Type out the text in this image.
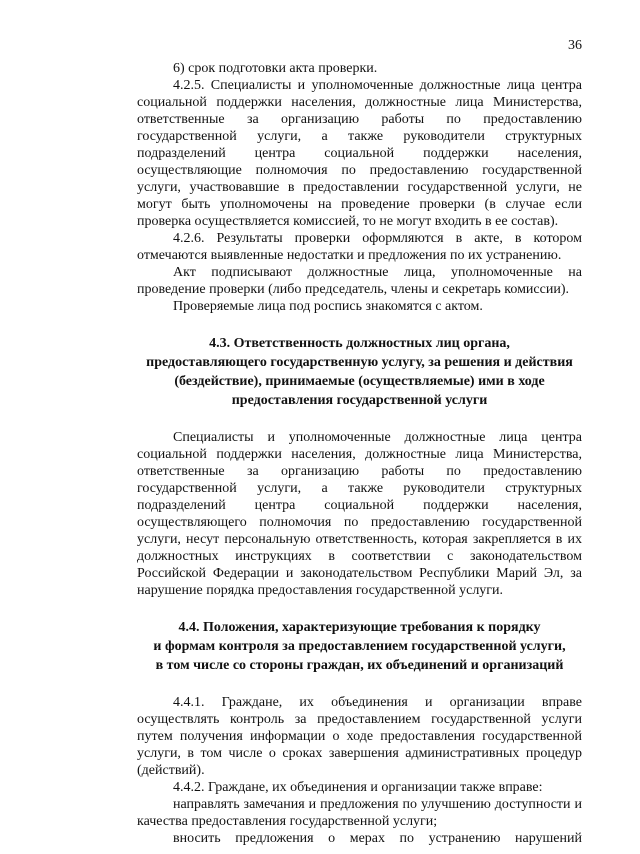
36

6) срок подготовки акта проверки.

4.2.5. Специалисты и уполномоченные должностные лица центра социальной поддержки населения, должностные лица Министерства, ответственные за организацию работы по предоставлению государственной услуги, а также руководители структурных подразделений центра социальной поддержки населения, осуществляющие полномочия по предоставлению государственной услуги, участвовавшие в предоставлении государственной услуги, не могут быть уполномочены на проведение проверки (в случае если проверка осуществляется комиссией, то не могут входить в ее состав).

4.2.6. Результаты проверки оформляются в акте, в котором отмечаются выявленные недостатки и предложения по их устранению.

Акт подписывают должностные лица, уполномоченные на проведение проверки (либо председатель, члены и секретарь комиссии).

Проверяемые лица под роспись знакомятся с актом.

4.3. Ответственность должностных лиц органа,
предоставляющего государственную услугу, за решения и действия
(бездействие), принимаемые (осуществляемые) ими в ходе
предоставления государственной услуги

Специалисты и уполномоченные должностные лица центра социальной поддержки населения, должностные лица Министерства, ответственные за организацию работы по предоставлению государственной услуги, а также руководители структурных подразделений центра социальной поддержки населения, осуществляющего полномочия по предоставлению государственной услуги, несут персональную ответственность, которая закрепляется в их должностных инструкциях в соответствии с законодательством Российской Федерации и законодательством Республики Марий Эл, за нарушение порядка предоставления государственной услуги.

4.4. Положения, характеризующие требования к порядку
и формам контроля за предоставлением государственной услуги,
в том числе со стороны граждан, их объединений и организаций

4.4.1. Граждане, их объединения и организации вправе осуществлять контроль за предоставлением государственной услуги путем получения информации о ходе предоставления государственной услуги, в том числе о сроках завершения административных процедур (действий).

4.4.2. Граждане, их объединения и организации также вправе:

направлять замечания и предложения по улучшению доступности и качества предоставления государственной услуги;

вносить предложения о мерах по устранению нарушений
